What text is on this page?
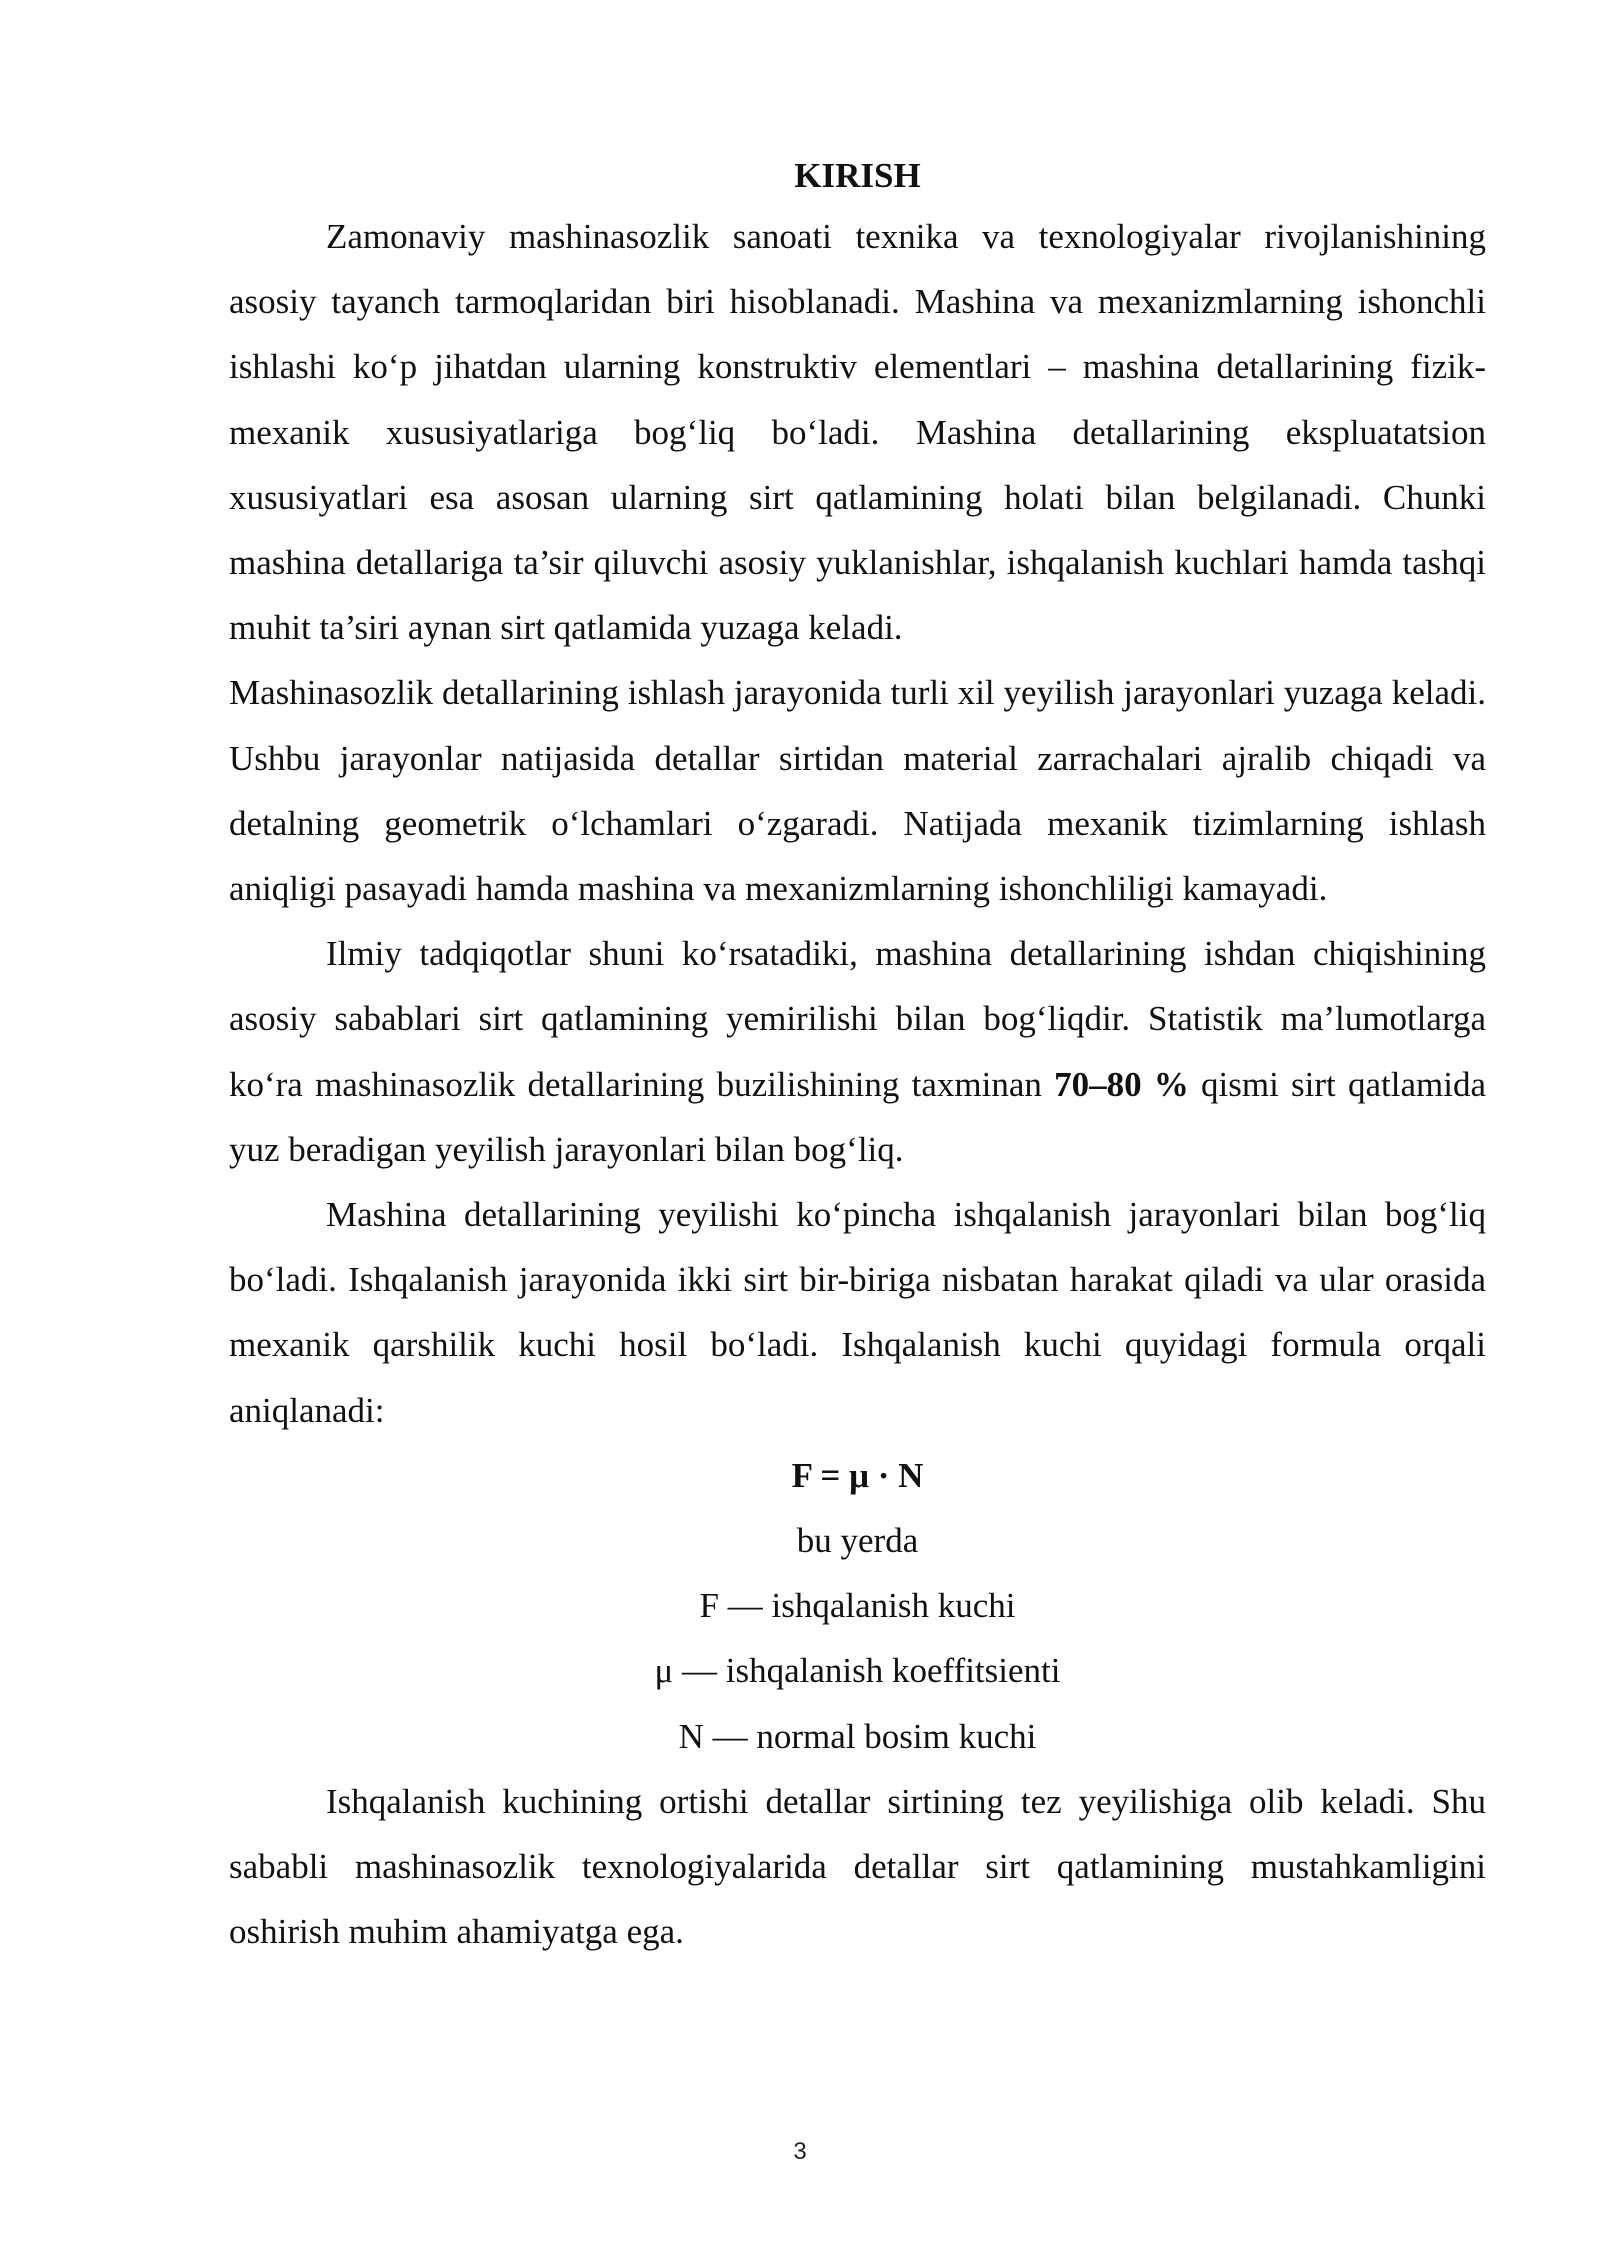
KIRISH

Zamonaviy mashinasozlik sanoati texnika va texnologiyalar rivojlanishining asosiy tayanch tarmoqlaridan biri hisoblanadi. Mashina va mexanizmlarning ishonchli ishlashi ko‘p jihatdan ularning konstruktiv elementlari – mashina detallarining fizik-mexanik xususiyatlariga bog‘liq bo‘ladi. Mashina detallarining ekspluatatsion xususiyatlari esa asosan ularning sirt qatlamining holati bilan belgilanadi. Chunki mashina detallariga ta’sir qiluvchi asosiy yuklanishlar, ishqalanish kuchlari hamda tashqi muhit ta’siri aynan sirt qatlamida yuzaga keladi.

Mashinasozlik detallarining ishlash jarayonida turli xil yeyilish jarayonlari yuzaga keladi. Ushbu jarayonlar natijasida detallar sirtidan material zarrachalari ajralib chiqadi va detalning geometrik o‘lchamlari o‘zgaradi. Natijada mexanik tizimlarning ishlash aniqligi pasayadi hamda mashina va mexanizmlarning ishonchliligi kamayadi.

Ilmiy tadqiqotlar shuni ko‘rsatadiki, mashina detallarining ishdan chiqishining asosiy sabablari sirt qatlamining yemirilishi bilan bog‘liqdir. Statistik ma’lumotlarga ko‘ra mashinasozlik detallarining buzilishining taxminan 70–80 % qismi sirt qatlamida yuz beradigan yeyilish jarayonlari bilan bog‘liq.

Mashina detallarining yeyilishi ko‘pincha ishqalanish jarayonlari bilan bog‘liq bo‘ladi. Ishqalanish jarayonida ikki sirt bir-biriga nisbatan harakat qiladi va ular orasida mexanik qarshilik kuchi hosil bo‘ladi. Ishqalanish kuchi quyidagi formula orqali aniqlanadi:

F = μ · N

bu yerda

F — ishqalanish kuchi

μ — ishqalanish koeffitsienti

N — normal bosim kuchi

Ishqalanish kuchining ortishi detallar sirtining tez yeyilishiga olib keladi. Shu sababli mashinasozlik texnologiyalarida detallar sirt qatlamining mustahkamligini oshirish muhim ahamiyatga ega.

3
